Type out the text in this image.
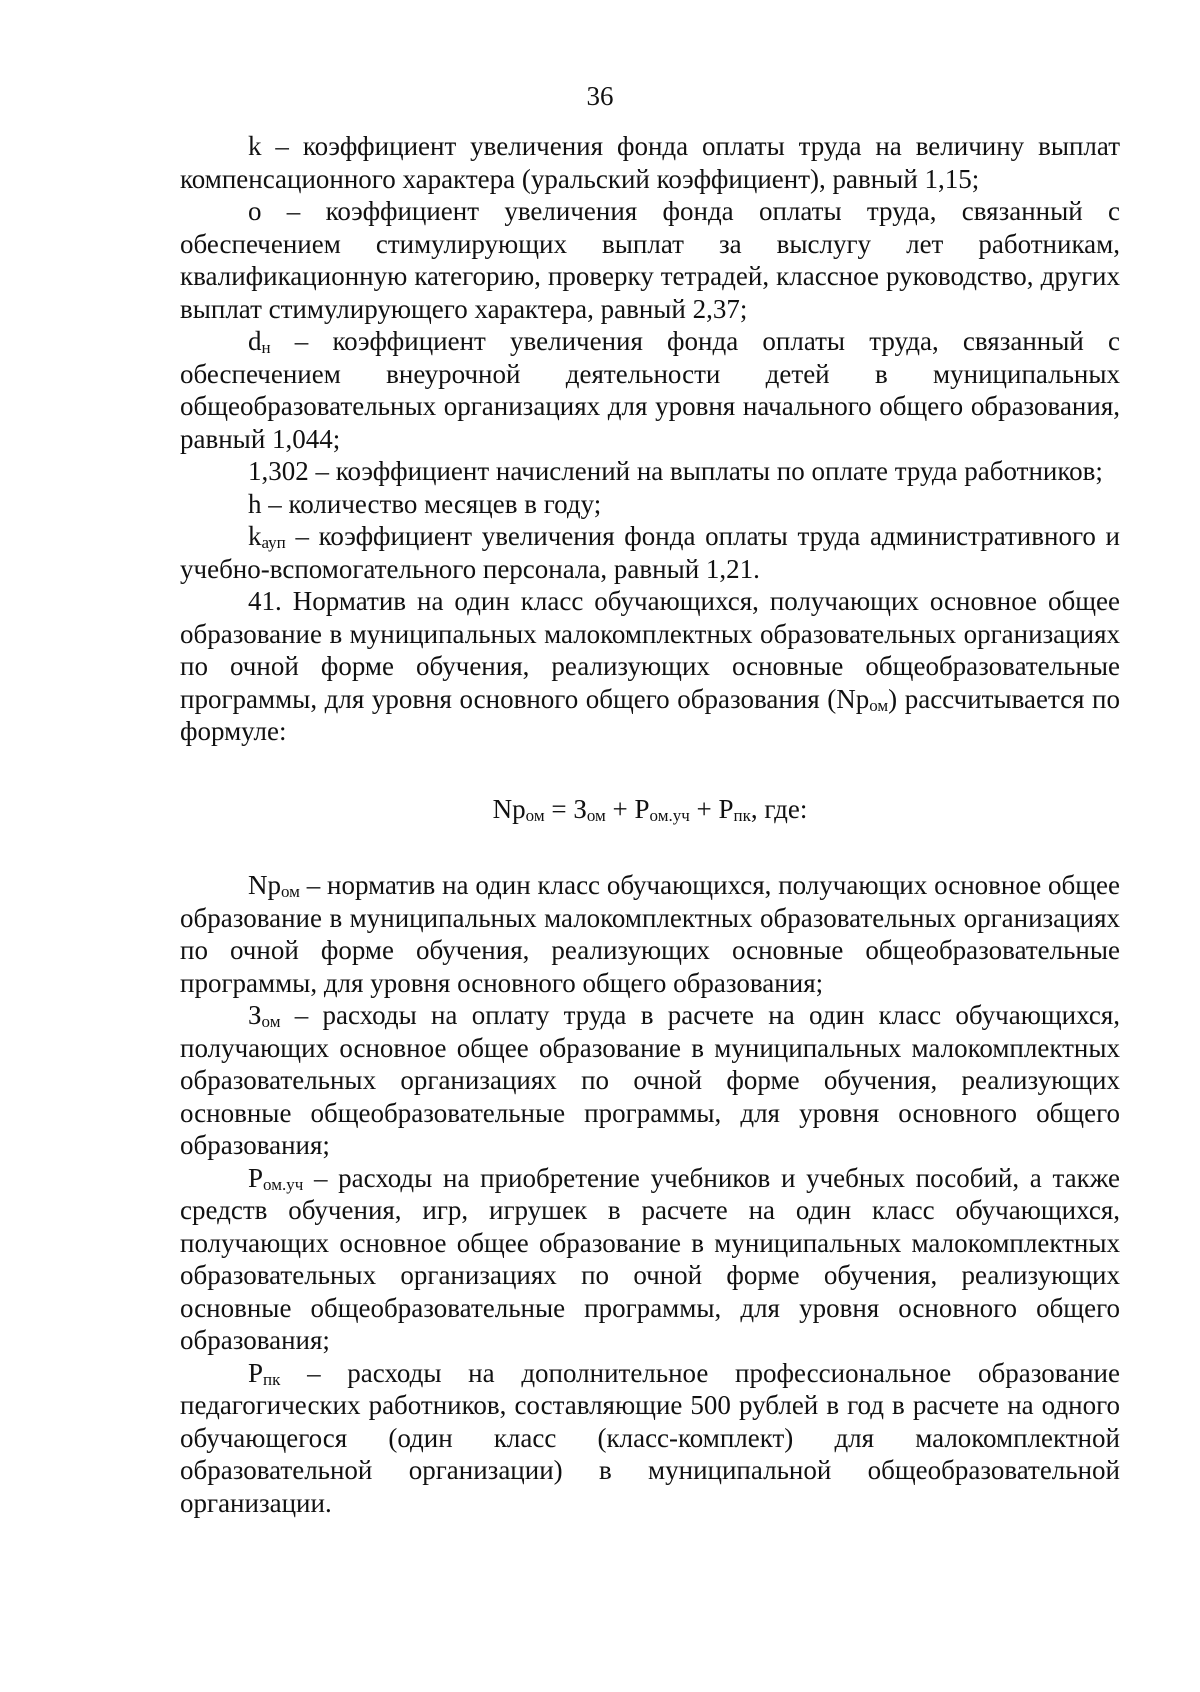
36

k – коэффициент увеличения фонда оплаты труда на величину выплат компенсационного характера (уральский коэффициент), равный 1,15;

о – коэффициент увеличения фонда оплаты труда, связанный с обеспечением стимулирующих выплат за выслугу лет работникам, квалификационную категорию, проверку тетрадей, классное руководство, других выплат стимулирующего характера, равный 2,37;

$d_н$ – коэффициент увеличения фонда оплаты труда, связанный с обеспечением внеурочной деятельности детей в муниципальных общеобразовательных организациях для уровня начального общего образования, равный 1,044;

1,302 – коэффициент начислений на выплаты по оплате труда работников;

h – количество месяцев в году;

$k_{ауп}$ – коэффициент увеличения фонда оплаты труда административного и учебно-вспомогательного персонала, равный 1,21.

41. Норматив на один класс обучающихся, получающих основное общее образование в муниципальных малокомплектных образовательных организациях по очной форме обучения, реализующих основные общеобразовательные программы, для уровня основного общего образования $(Np_{ом})$ рассчитывается по формуле:

$Np_{ом} = З_{ом} + Р_{ом.уч} + Р_{пк}$, где:

$Np_{ом}$ – норматив на один класс обучающихся, получающих основное общее образование в муниципальных малокомплектных образовательных организациях по очной форме обучения, реализующих основные общеобразовательные программы, для уровня основного общего образования;

$З_{ом}$ – расходы на оплату труда в расчете на один класс обучающихся, получающих основное общее образование в муниципальных малокомплектных образовательных организациях по очной форме обучения, реализующих основные общеобразовательные программы, для уровня основного общего образования;

$Р_{ом.уч}$ – расходы на приобретение учебников и учебных пособий, а также средств обучения, игр, игрушек в расчете на один класс обучающихся, получающих основное общее образование в муниципальных малокомплектных образовательных организациях по очной форме обучения, реализующих основные общеобразовательные программы, для уровня основного общего образования;

$Р_{пк}$ – расходы на дополнительное профессиональное образование педагогических работников, составляющие 500 рублей в год в расчете на одного обучающегося (один класс (класс-комплект) для малокомплектной образовательной организации) в муниципальной общеобразовательной организации.
